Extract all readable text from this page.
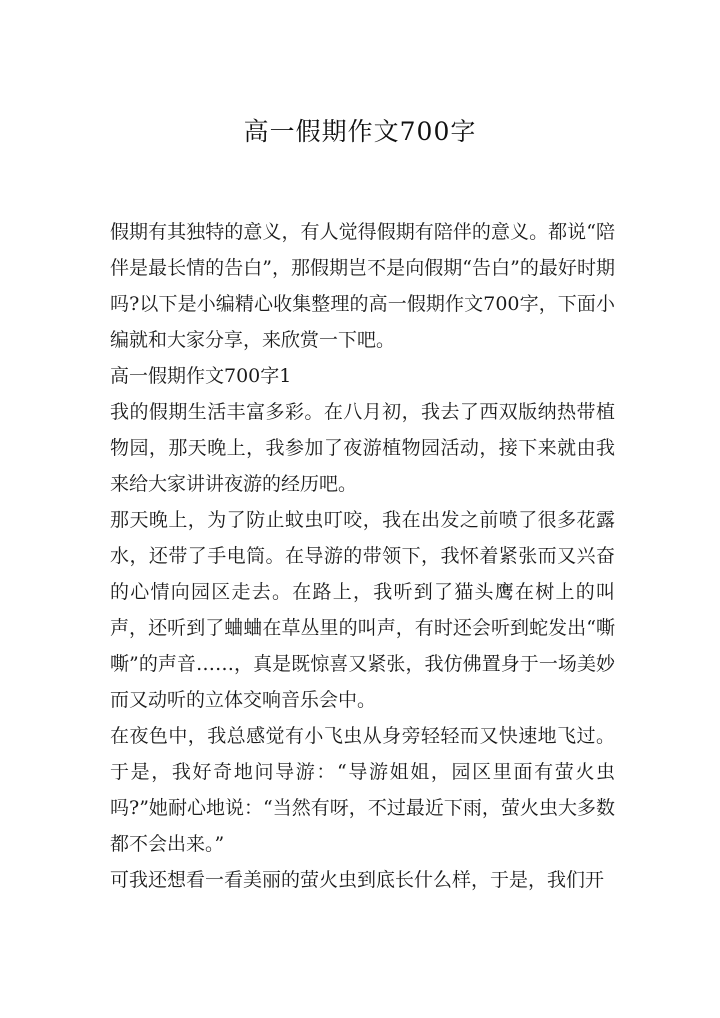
高一假期作文700字

假期有其独特的意义，有人觉得假期有陪伴的意义。都说“陪伴是最长情的告白”，那假期岂不是向假期“告白”的最好时期吗?以下是小编精心收集整理的高一假期作文700字，下面小编就和大家分享，来欣赏一下吧。

高一假期作文700字1

我的假期生活丰富多彩。在八月初，我去了西双版纳热带植物园，那天晚上，我参加了夜游植物园活动，接下来就由我来给大家讲讲夜游的经历吧。

那天晚上，为了防止蚊虫叮咬，我在出发之前喷了很多花露水，还带了手电筒。在导游的带领下，我怀着紧张而又兴奋的心情向园区走去。在路上，我听到了猫头鹰在树上的叫声，还听到了蛐蛐在草丛里的叫声，有时还会听到蛇发出“嘶嘶”的声音……，真是既惊喜又紧张，我仿佛置身于一场美妙而又动听的立体交响音乐会中。

在夜色中，我总感觉有小飞虫从身旁轻轻而又快速地飞过。于是，我好奇地问导游：“导游姐姐，园区里面有萤火虫吗?”她耐心地说：“当然有呀，不过最近下雨，萤火虫大多数都不会出来。”

可我还想看一看美丽的萤火虫到底长什么样，于是，我们开
